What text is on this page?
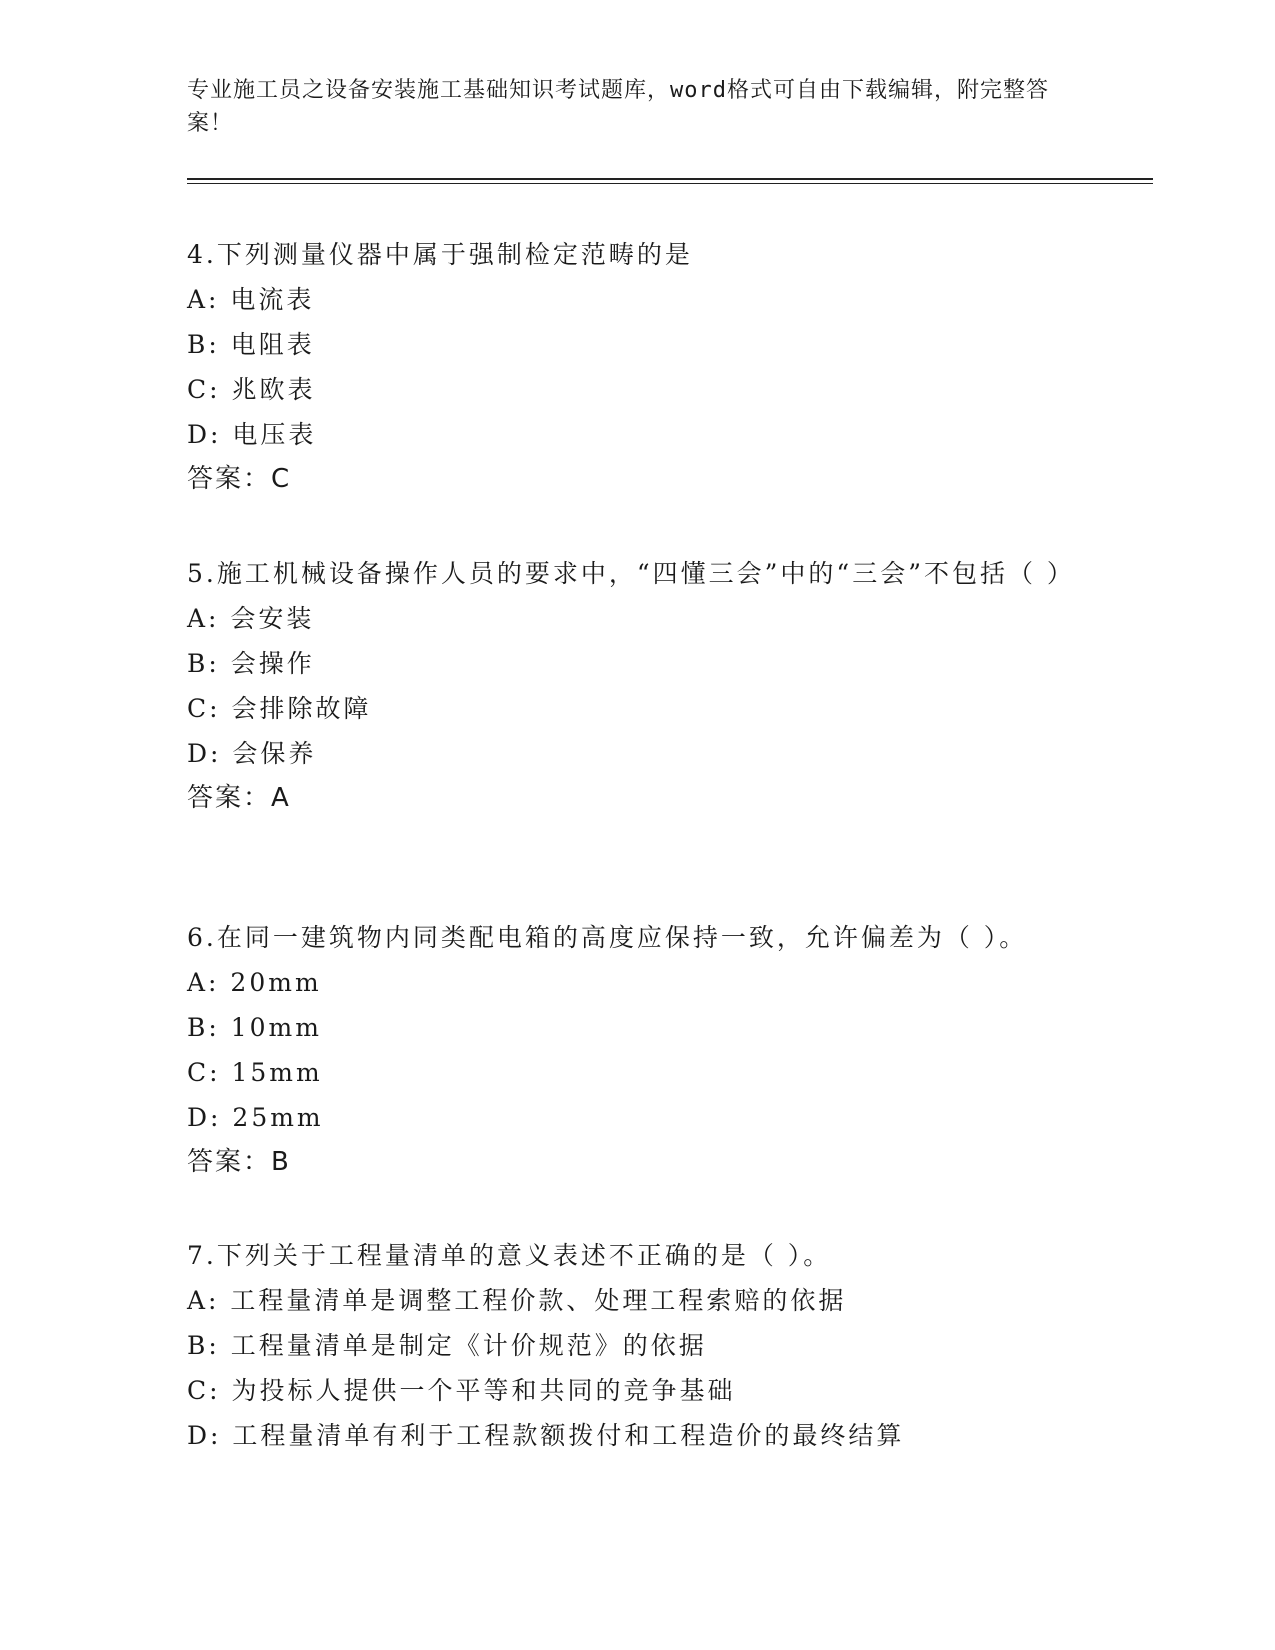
专业施工员之设备安装施工基础知识考试题库，word格式可自由下载编辑，附完整答案！
4.下列测量仪器中属于强制检定范畴的是
A: 电流表
B: 电阻表
C: 兆欧表
D: 电压表
答案：C
5.施工机械设备操作人员的要求中，“四懂三会”中的“三会”不包括（ ）
A: 会安装
B: 会操作
C: 会排除故障
D: 会保养
答案：A
6.在同一建筑物内同类配电箱的高度应保持一致，允许偏差为（ ）。
A: 20mm
B: 10mm
C: 15mm
D: 25mm
答案：B
7.下列关于工程量清单的意义表述不正确的是（ ）。
A: 工程量清单是调整工程价款、处理工程索赔的依据
B: 工程量清单是制定《计价规范》的依据
C: 为投标人提供一个平等和共同的竞争基础
D: 工程量清单有利于工程款额拨付和工程造价的最终结算
